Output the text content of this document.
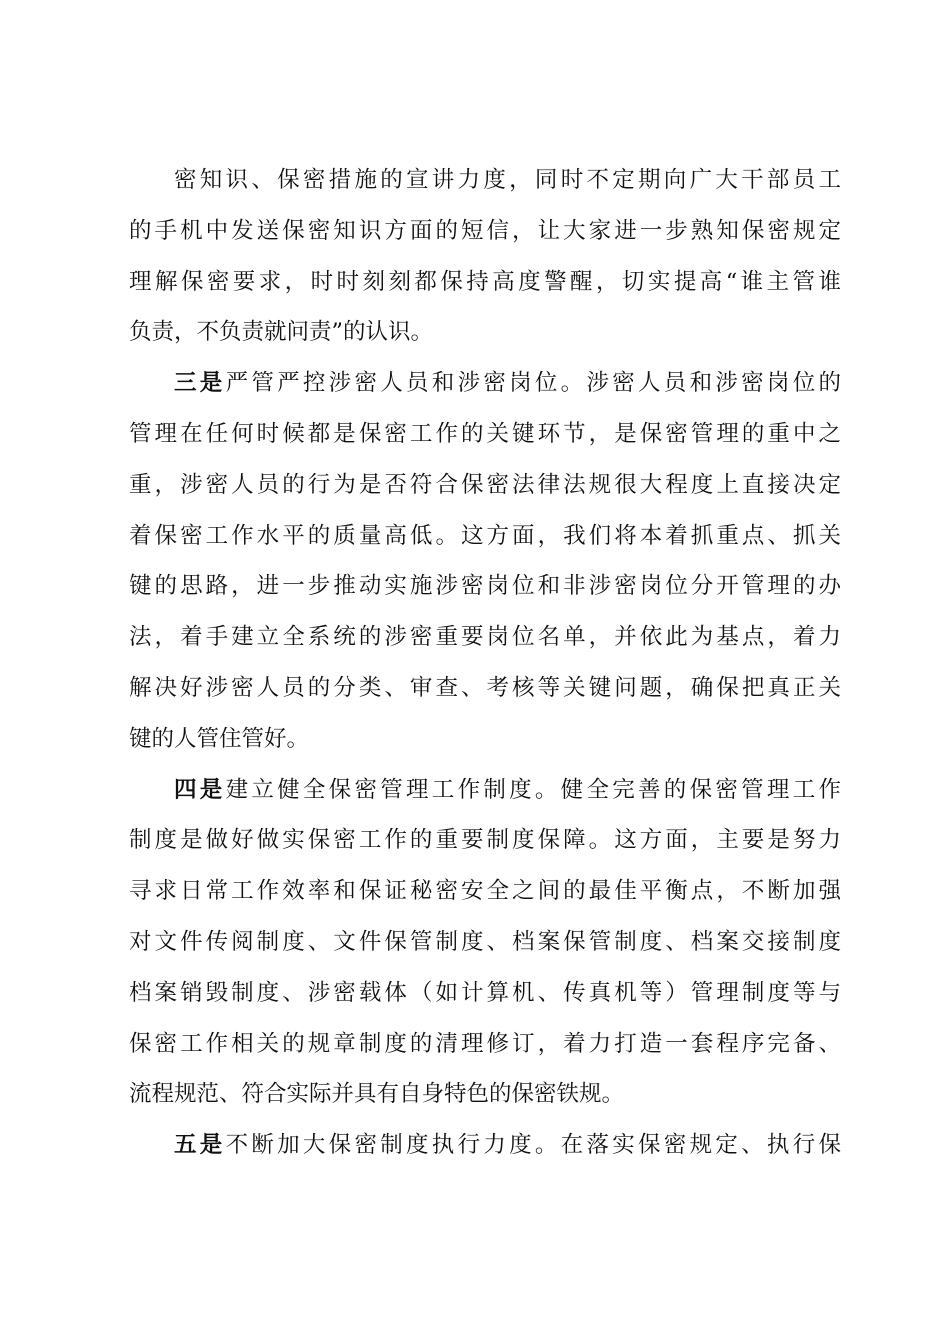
密知识、保密措施的宣讲力度，同时不定期向广大干部员工
的手机中发送保密知识方面的短信，让大家进一步熟知保密规定
理解保密要求，时时刻刻都保持高度警醒，切实提高“谁主管谁
负责，不负责就问责”的认识。
三是严管严控涉密人员和涉密岗位。涉密人员和涉密岗位的
管理在任何时候都是保密工作的关键环节，是保密管理的重中之
重，涉密人员的行为是否符合保密法律法规很大程度上直接决定
着保密工作水平的质量高低。这方面，我们将本着抓重点、抓关
键的思路，进一步推动实施涉密岗位和非涉密岗位分开管理的办
法，着手建立全系统的涉密重要岗位名单，并依此为基点，着力
解决好涉密人员的分类、审查、考核等关键问题，确保把真正关
键的人管住管好。
四是建立健全保密管理工作制度。健全完善的保密管理工作
制度是做好做实保密工作的重要制度保障。这方面，主要是努力
寻求日常工作效率和保证秘密安全之间的最佳平衡点，不断加强
对文件传阅制度、文件保管制度、档案保管制度、档案交接制度
档案销毁制度、涉密载体（如计算机、传真机等）管理制度等与
保密工作相关的规章制度的清理修订，着力打造一套程序完备、
流程规范、符合实际并具有自身特色的保密铁规。
五是不断加大保密制度执行力度。在落实保密规定、执行保
